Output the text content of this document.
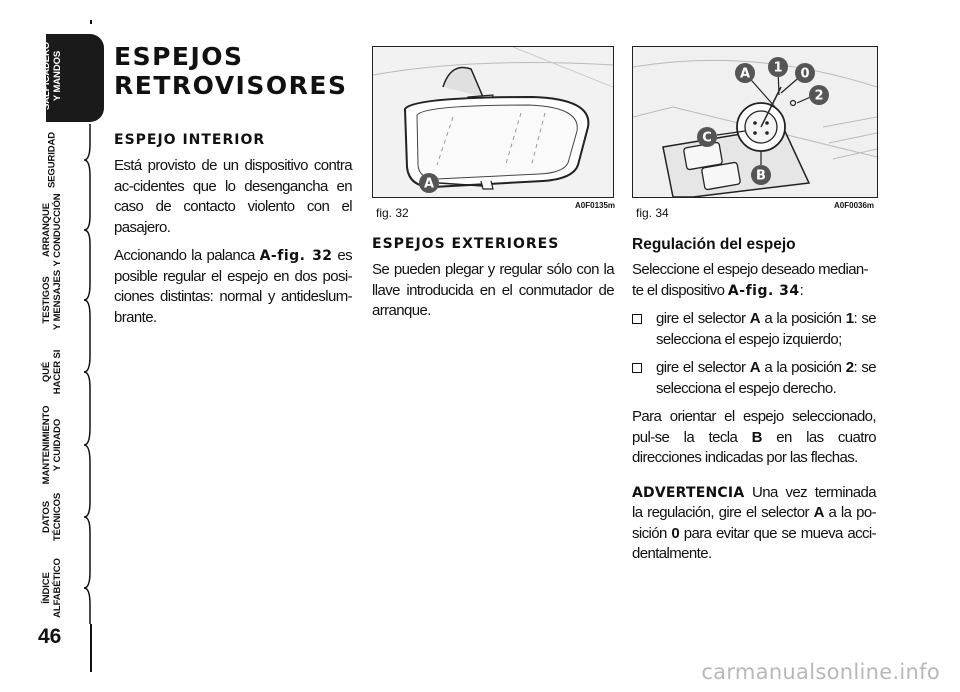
SALPICADERO
Y MANDOS
SEGURIDAD
ARRANQUE
Y CONDUCCIÓN
TESTIGOS
Y MENSAJES
QUÉ
HACER SI
MANTENIMIENTO
Y CUIDADO
DATOS
TÉCNICOS
ÍNDICE
ALFABÉTICO
46
ESPEJOS
RETROVISORES
ESPEJO INTERIOR

Está provisto de un dispositivo contra ac-cidentes que lo desengancha en caso de contacto violento con el pasajero.

Accionando la palanca A-fig. 32 es posible regular el espejo en dos posi-ciones distintas: normal y antideslum-brante.

A
fig. 32
A0F0135m
ESPEJOS EXTERIORES

Se pueden plegar y regular sólo con la llave introducida en el conmutador de arranque.

A 1 0
2
C
B
fig. 34
A0F0036m
Regulación del espejo

Seleccione el espejo deseado median-te el dispositivo A-fig. 34:

gire el selector A a la posición 1: se selecciona el espejo izquierdo;

gire el selector A a la posición 2: se selecciona el espejo derecho.

Para orientar el espejo seleccionado, pul-se la tecla B en las cuatro direcciones indicadas por las flechas.

ADVERTENCIA Una vez terminada la regulación, gire el selector A a la po-sición 0 para evitar que se mueva acci-dentalmente.

carmanualsonline.info
